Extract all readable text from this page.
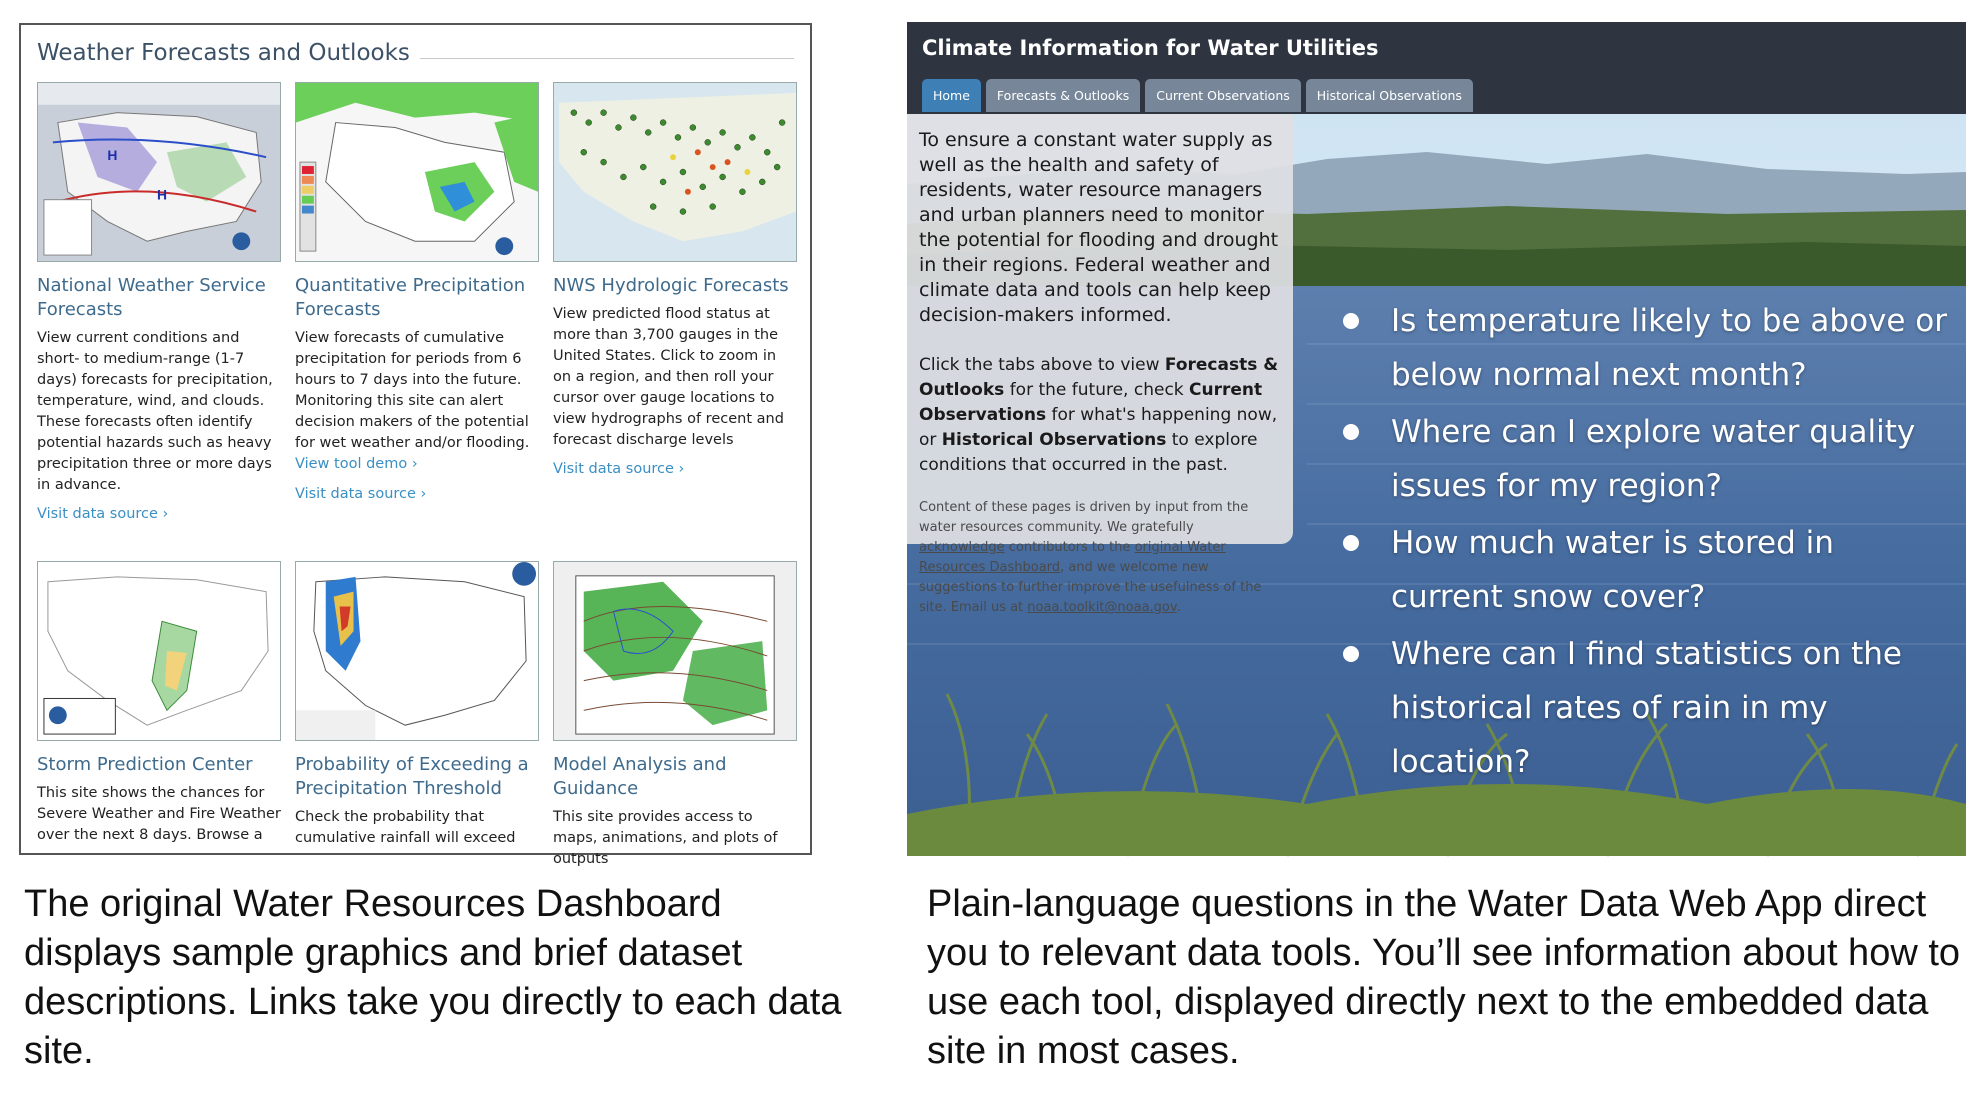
Weather Forecasts and Outlooks
H
H
National Weather Service Forecasts
View current conditions and short- to medium-range (1-7 days) forecasts for precipitation, temperature, wind, and clouds. These forecasts often identify potential hazards such as heavy precipitation three or more days in advance.
Visit data source ›
Quantitative Precipitation Forecasts
View forecasts of cumulative precipitation for periods from 6 hours to 7 days into the future. Monitoring this site can alert decision makers of the potential for wet weather and/or flooding.
View tool demo ›
Visit data source ›
NWS Hydrologic Forecasts
View predicted flood status at more than 3,700 gauges in the United States. Click to zoom in on a region, and then roll your cursor over gauge locations to view hydrographs of recent and forecast discharge levels
Visit data source ›
Storm Prediction Center
This site shows the chances for Severe Weather and Fire Weather over the next 8 days. Browse a
Probability of Exceeding a Precipitation Threshold
Check the probability that cumulative rainfall will exceed
Model Analysis and Guidance
This site provides access to maps, animations, and plots of outputs
Climate Information for Water Utilities
Home	Forecasts & Outlooks	Current Observations	Historical Observations

To ensure a constant water supply as well as the health and safety of residents, water resource managers and urban planners need to monitor the potential for flooding and drought in their regions. Federal weather and climate data and tools can help keep decision-makers informed.

Click the tabs above to view Forecasts & Outlooks for the future, check Current Observations for what's happening now, or Historical Observations to explore conditions that occurred in the past.

Content of these pages is driven by input from the water resources community. We gratefully acknowledge contributors to the original Water Resources Dashboard, and we welcome new suggestions to further improve the usefulness of the site. Email us at noaa.toolkit@noaa.gov.

Is temperature likely to be above or below normal next month?
Where can I explore water quality issues for my region?
How much water is stored in current snow cover?
Where can I find statistics on the historical rates of rain in my location?

The original Water Resources Dashboard displays sample graphics and brief dataset descriptions. Links take you directly to each data site.

Plain-language questions in the Water Data Web App direct you to relevant data tools. You’ll see information about how to use each tool, displayed directly next to the embedded data site in most cases.
